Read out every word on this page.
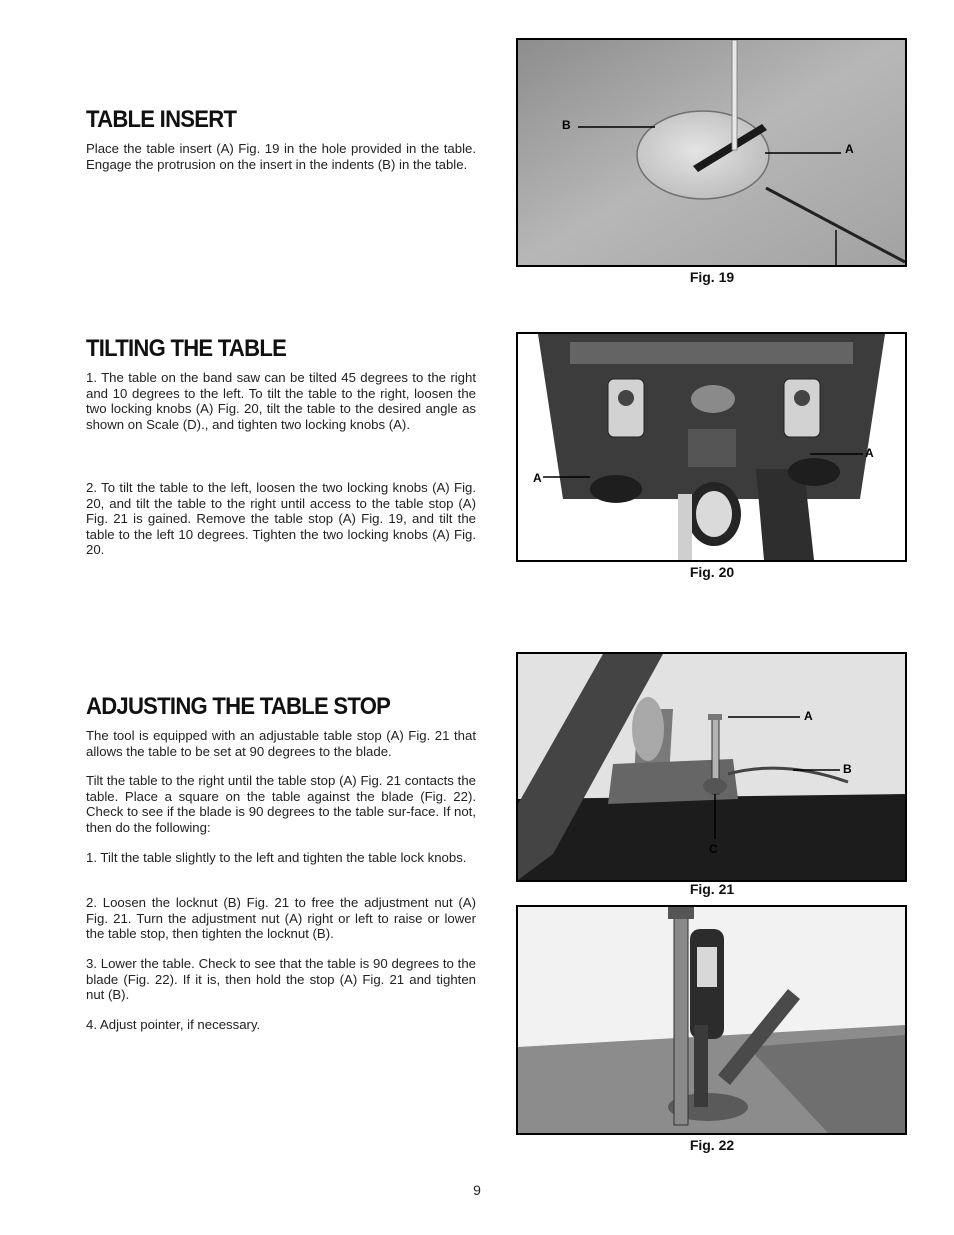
TABLE INSERT

Place the table insert (A) Fig. 19 in the hole provided in the table. Engage the protrusion on the insert in the indents (B) in the table.

TILTING THE TABLE

1. The table on the band saw can be tilted 45 degrees to the right and 10 degrees to the left. To tilt the table to the right, loosen the two locking knobs (A) Fig. 20, tilt the table to the desired angle as shown on Scale (D)., and tighten two locking knobs (A).

2. To tilt the table to the left, loosen the two locking knobs (A) Fig. 20, and tilt the table to the right until access to the table stop (A) Fig. 21 is gained. Remove the table stop (A) Fig. 19, and tilt the table to the left 10 degrees. Tighten the two locking knobs (A) Fig. 20.

ADJUSTING THE TABLE STOP

The tool is equipped with an adjustable table stop (A) Fig. 21 that allows the table to be set at 90 degrees to the blade.

Tilt the table to the right until the table stop (A) Fig. 21 contacts the table. Place a square on the table against the blade (Fig. 22). Check to see if the blade is 90 degrees to the table sur-face. If not, then do the following:

1. Tilt the table slightly to the left and tighten the table lock knobs.

2. Loosen the locknut (B) Fig. 21 to free the adjustment nut (A) Fig. 21. Turn the adjustment nut (A) right or left to raise or lower the table stop, then tighten the locknut (B).

3. Lower the table. Check to see that the table is 90 degrees to the blade (Fig. 22). If it is, then hold the stop (A) Fig. 21 and tighten nut (B).

4. Adjust pointer, if necessary.

B
A
Fig. 19
A
A
Fig. 20
A
B
C
Fig. 21
Fig. 22
9
